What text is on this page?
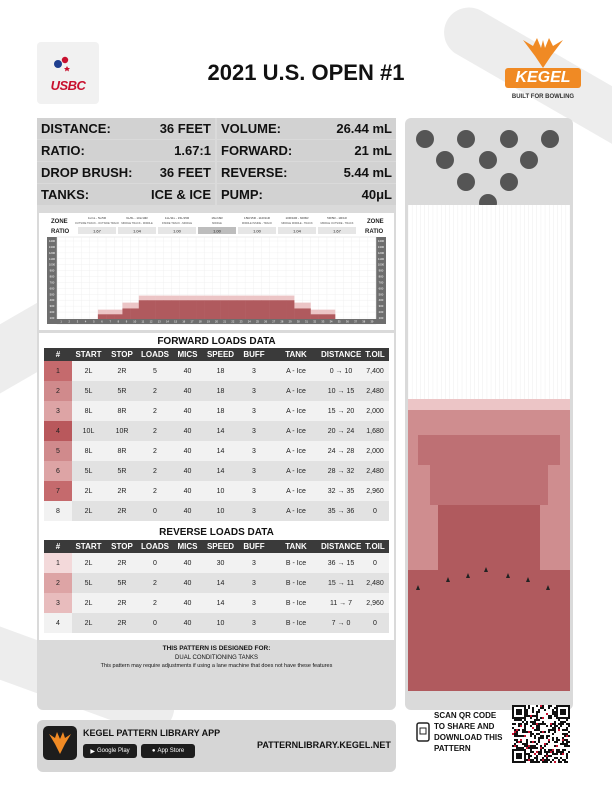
USBC
2021 U.S. OPEN #1	KEGEL
BUILT FOR BOWLING
DISTANCE:	36 FEET VOLUME:	26.44 mL
RATIO:	1.67:1 FORWARD:	21 mL
DROP BRUSH: 36 FEET REVERSE:	5.44 mL
TANKS:	ICE & ICE PUMP:	40μL
ZONE
RATIO
ZONE
RATIO
1L/1L - 5L/5R
OUTSIDE TRACK - OUTSIDE TRACK
1.67
6L/6L - 10L/10R
MIDDLE TRACK - MIDDLE
1.04
11L/11L - 15L/15R
INSIDE TRACK - MIDDLE
1.00
16L/16R
MIDDLE
1.00
15R/15R - 11R/11R
MIDDLE INSIDE - TRACK
1.00
10R/10R - 6R/6R
MIDDLE MIDDLE - TRACK
1.04
5R/5R - 1R/1R
MIDDLE OUTSIDE - TRACK
1.67
1400	1400
1300	1300
1200	1200
1100	1100
1000	1000
900	900
800	800
700	700
600	600
500	500
400	400
300	300
200	200
100	100
1	2	3	4	5	6	7	8	9 10 11 12 13 14 15 16 17 18 19 20 21 22 23 24 25 26 27 28 29 30 31 32 33 34 35 36 37 38 39
FORWARD LOADS DATA
#	START	STOP	LOADS	MICS	SPEED	BUFF	TANK	DISTANCE	T.OIL
1	2L	2R	5	40	18	3	A - Ice	0 → 10	7,400
2	5L	5R	2	40	18	3	A - Ice	10 → 15	2,480
3	8L	8R	2	40	18	3	A - Ice	15 → 20	2,000
4	10L	10R	2	40	14	3	A - Ice	20 → 24	1,680
5	8L	8R	2	40	14	3	A - Ice	24 → 28	2,000
6	5L	5R	2	40	14	3	A - Ice	28 → 32	2,480
7	2L	2R	2	40	10	3	A - Ice	32 → 35	2,960
8	2L	2R	0	40	10	3	A - Ice	35 → 36	0
REVERSE LOADS DATA
#	START	STOP	LOADS	MICS	SPEED	BUFF	TANK	DISTANCE	T.OIL
1	2L	2R	0	40	30	3	B - Ice	36 → 15	0
2	5L	5R	2	40	14	3	B - Ice	15 → 11	2,480
3	2L	2R	2	40	14	3	B - Ice	11 → 7	2,960
4	2L	2R	0	40	10	3	B - Ice	7 → 0	0
THIS PATTERN IS DESIGNED FOR:
DUAL CONDITIONING TANKS
This pattern may require adjustments if using a lane machine that does not have these features
KEGEL PATTERN LIBRARY APP
▶ Google Play	● App Store
PATTERNLIBRARY.KEGEL.NET
SCAN QR CODE TO SHARE AND DOWNLOAD THIS PATTERN
